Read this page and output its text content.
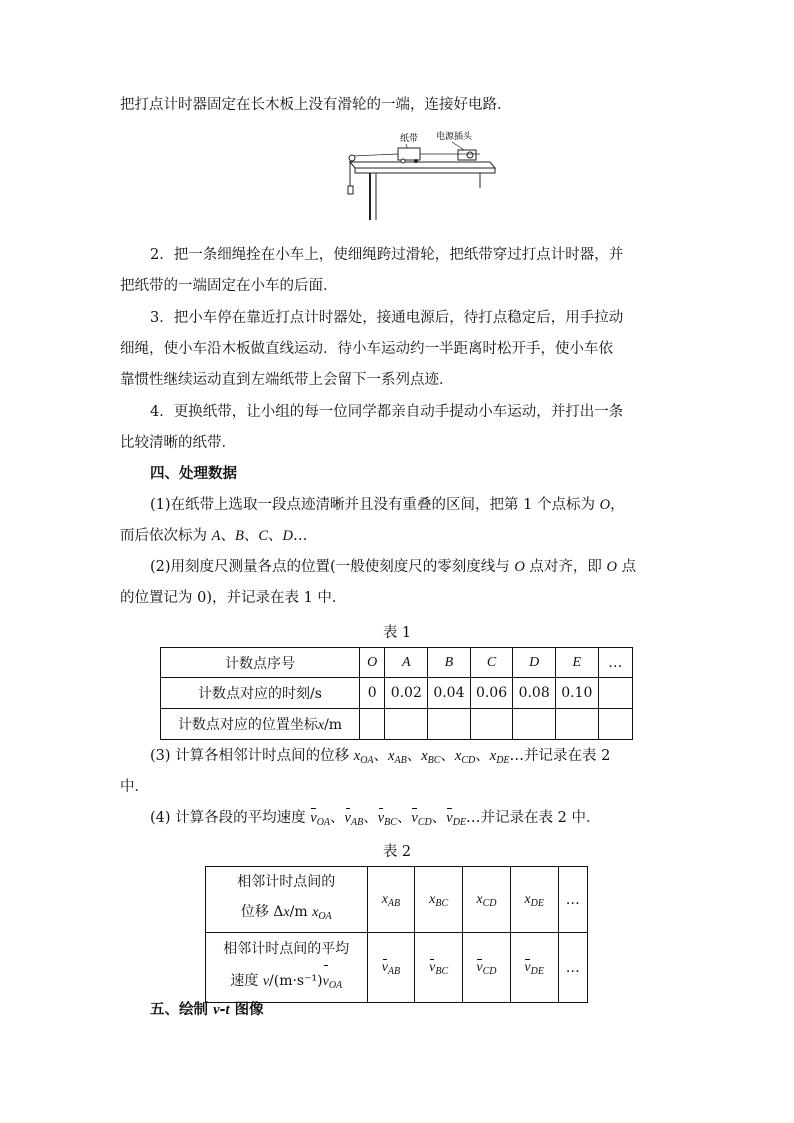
把打点计时器固定在长木板上没有滑轮的一端，连接好电路．
纸带 电源插头
2．把一条细绳拴在小车上，使细绳跨过滑轮，把纸带穿过打点计时器，并
把纸带的一端固定在小车的后面．
3．把小车停在靠近打点计时器处，接通电源后，待打点稳定后，用手拉动
细绳，使小车沿木板做直线运动．待小车运动约一半距离时松开手，使小车依
靠惯性继续运动直到左端纸带上会留下一系列点迹．
4．更换纸带，让小组的每一位同学都亲自动手提动小车运动，并打出一条
比较清晰的纸带．
四、处理数据
(1)在纸带上选取一段点迹清晰并且没有重叠的区间，把第 1 个点标为 O，
而后依次标为 A、B、C、D…
(2)用刻度尺测量各点的位置(一般使刻度尺的零刻度线与 O 点对齐，即 O 点
的位置记为 0)，并记录在表 1 中．
表 1
计数点序号	O	A	B	C	D	E	…
计数点对应的时刻/s	0	0.02	0.04	0.06	0.08	0.10	
计数点对应的位置坐标x/m							
(3) 计算各相邻计时点间的位移 $x_{OA}$、$x_{AB}$、$x_{BC}$、$x_{CD}$、$x_{DE}\dots$并记录在表 2
中．
(4) 计算各段的平均速度 $v_{OA}$、$v_{AB}$、$v_{BC}$、$v_{CD}$、$v_{DE}\dots$并记录在表 2 中．
表 2
相邻计时点间的
位移 Δx/m $x_{OA}$	$x_{AB}$	$x_{BC}$	$x_{CD}$	$x_{DE}$	…

相邻计时点间的平均
速度 $v/(m\cdot s^{-1})v_{OA}$	$v_{AB}$	$v_{BC}$	$v_{CD}$	$v_{DE}$	…
五、绘制 v-t 图像
